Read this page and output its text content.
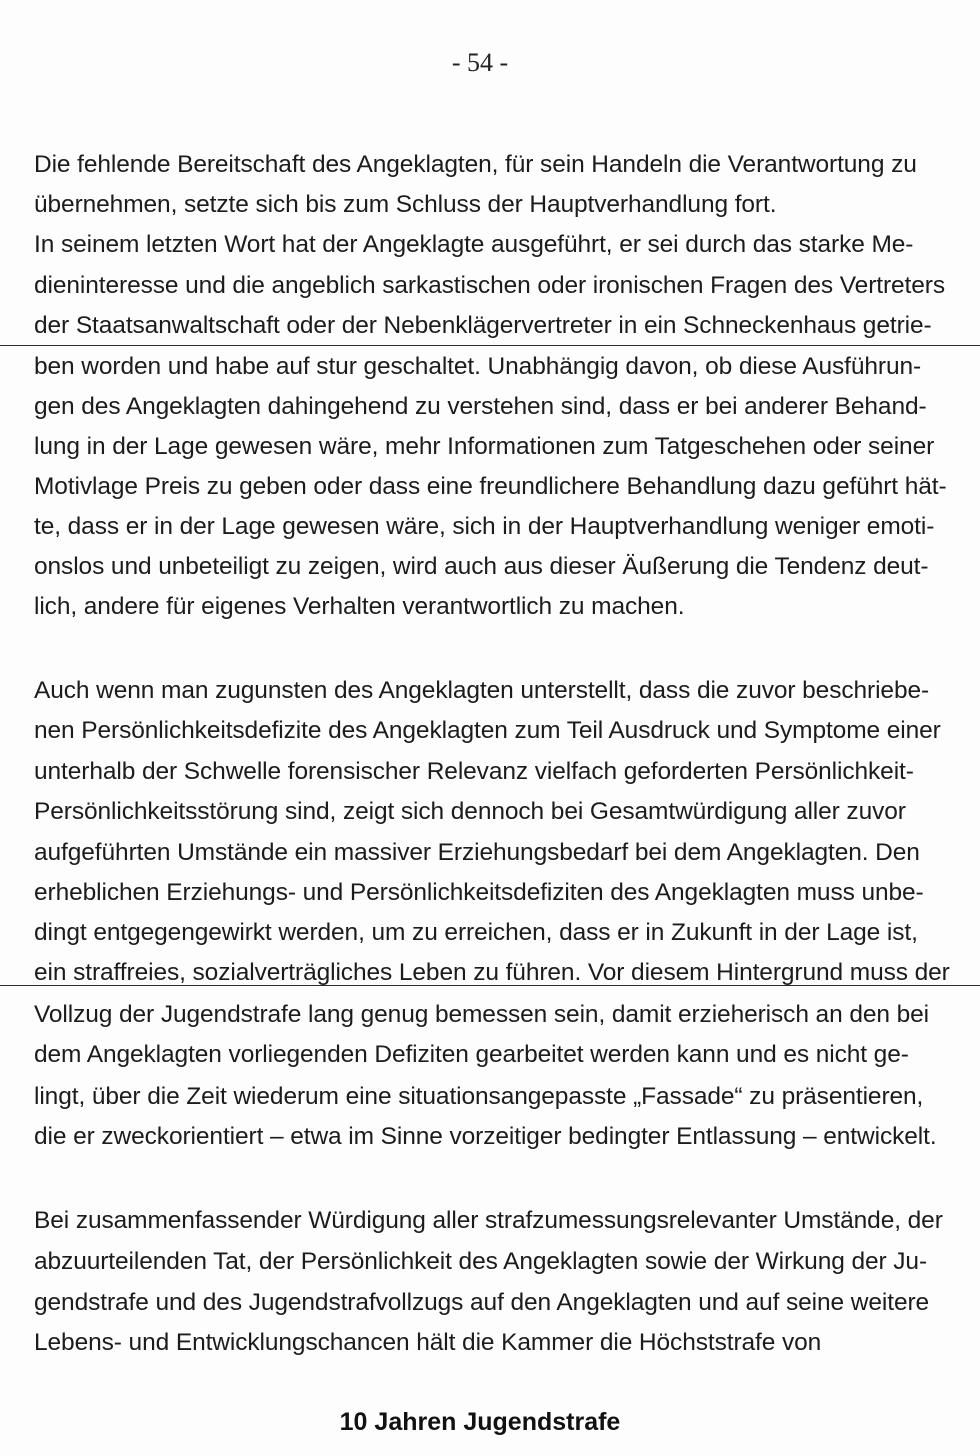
- 54 -
Die fehlende Bereitschaft des Angeklagten, für sein Handeln die Verantwortung zu
übernehmen, setzte sich bis zum Schluss der Hauptverhandlung fort.
In seinem letzten Wort hat der Angeklagte ausgeführt, er sei durch das starke Me-
dieninteresse und die angeblich sarkastischen oder ironischen Fragen des Vertreters
der Staatsanwaltschaft oder der Nebenklägervertreter in ein Schneckenhaus getrie-
ben worden und habe auf stur geschaltet. Unabhängig davon, ob diese Ausführun-
gen des Angeklagten dahingehend zu verstehen sind, dass er bei anderer Behand-
lung in der Lage gewesen wäre, mehr Informationen zum Tatgeschehen oder seiner
Motivlage Preis zu geben oder dass eine freundlichere Behandlung dazu geführt hät-
te, dass er in der Lage gewesen wäre, sich in der Hauptverhandlung weniger emoti-
onslos und unbeteiligt zu zeigen, wird auch aus dieser Äußerung die Tendenz deut-
lich, andere für eigenes Verhalten verantwortlich zu machen.
Auch wenn man zugunsten des Angeklagten unterstellt, dass die zuvor beschriebe-
nen Persönlichkeitsdefizite des Angeklagten zum Teil Ausdruck und Symptome einer
unterhalb der Schwelle forensischer Relevanz vielfach geforderten Persönlichkeit-
Persönlichkeitsstörung sind, zeigt sich dennoch bei Gesamtwürdigung aller zuvor
aufgeführten Umstände ein massiver Erziehungsbedarf bei dem Angeklagten. Den
erheblichen Erziehungs- und Persönlichkeitsdefiziten des Angeklagten muss unbe-
dingt entgegengewirkt werden, um zu erreichen, dass er in Zukunft in der Lage ist,
ein straffreies, sozialverträgliches Leben zu führen. Vor diesem Hintergrund muss der
Vollzug der Jugendstrafe lang genug bemessen sein, damit erzieherisch an den bei
dem Angeklagten vorliegenden Defiziten gearbeitet werden kann und es nicht ge-
lingt, über die Zeit wiederum eine situationsangepasste „Fassade“ zu präsentieren,
die er zweckorientiert – etwa im Sinne vorzeitiger bedingter Entlassung – entwickelt.
Bei zusammenfassender Würdigung aller strafzumessungsrelevanter Umstände, der
abzuurteilenden Tat, der Persönlichkeit des Angeklagten sowie der Wirkung der Ju-
gendstrafe und des Jugendstrafvollzugs auf den Angeklagten und auf seine weitere
Lebens- und Entwicklungschancen hält die Kammer die Höchststrafe von
10 Jahren Jugendstrafe
